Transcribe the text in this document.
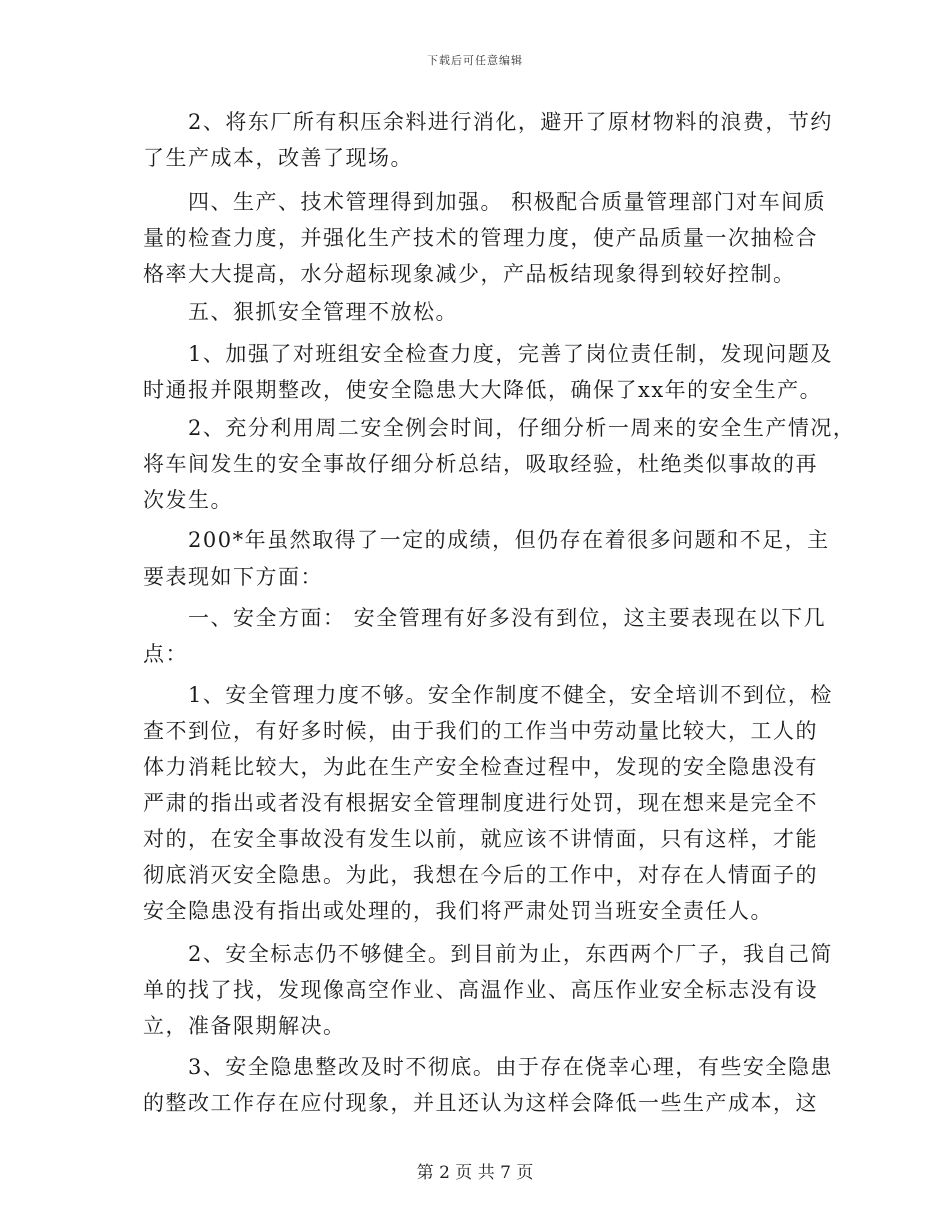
下载后可任意编辑
　　2、将东厂所有积压余料进行消化，避开了原材物料的浪费，节约
了生产成本，改善了现场。
　　四、生产、技术管理得到加强。 积极配合质量管理部门对车间质
量的检查力度，并强化生产技术的管理力度，使产品质量一次抽检合
格率大大提高，水分超标现象减少，产品板结现象得到较好控制。
　　五、狠抓安全管理不放松。
　　1、加强了对班组安全检查力度，完善了岗位责任制，发现问题及
时通报并限期整改，使安全隐患大大降低，确保了xx年的安全生产。
　　2、充分利用周二安全例会时间，仔细分析一周来的安全生产情况，
将车间发生的安全事故仔细分析总结，吸取经验，杜绝类似事故的再
次发生。
　　200*年虽然取得了一定的成绩，但仍存在着很多问题和不足，主
要表现如下方面：
　　一、安全方面： 安全管理有好多没有到位，这主要表现在以下几
点：
　　1、安全管理力度不够。安全作制度不健全，安全培训不到位，检
查不到位，有好多时候，由于我们的工作当中劳动量比较大，工人的
体力消耗比较大，为此在生产安全检查过程中，发现的安全隐患没有
严肃的指出或者没有根据安全管理制度进行处罚，现在想来是完全不
对的，在安全事故没有发生以前，就应该不讲情面，只有这样，才能
彻底消灭安全隐患。为此，我想在今后的工作中，对存在人情面子的
安全隐患没有指出或处理的，我们将严肃处罚当班安全责任人。
　　2、安全标志仍不够健全。到目前为止，东西两个厂子，我自己简
单的找了找，发现像高空作业、高温作业、高压作业安全标志没有设
立，准备限期解决。
　　3、安全隐患整改及时不彻底。由于存在侥幸心理，有些安全隐患
的整改工作存在应付现象，并且还认为这样会降低一些生产成本，这
第 2 页 共 7 页
